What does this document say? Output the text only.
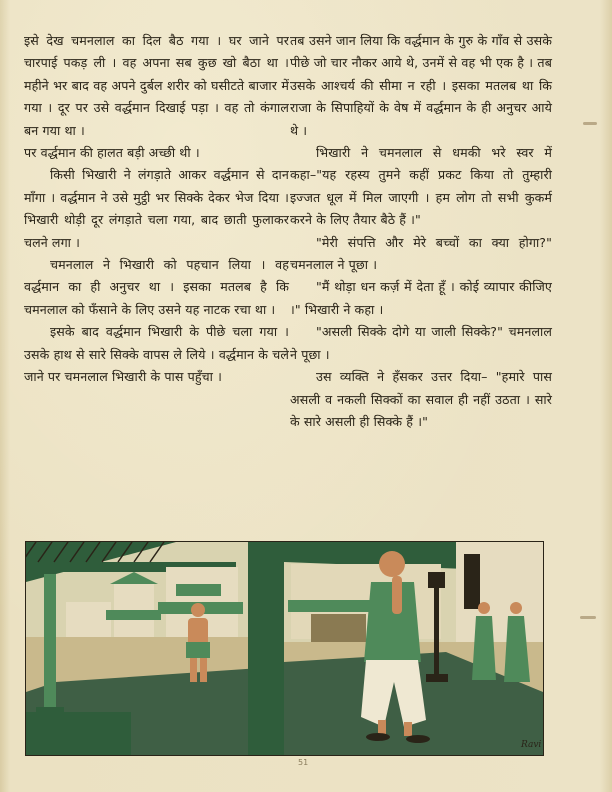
इसे देख चमनलाल का दिल बैठ गया । घर जाने पर चारपाई पकड़ ली । वह अपना सब कुछ खो बैठा था । महीने भर बाद वह अपने दुर्बल शरीर को घसीटते बाजार में गया । दूर पर उसे वर्द्धमान दिखाई पड़ा । वह तो कंगाल बन गया था ।

पर वर्द्धमान की हालत बड़ी अच्छी थी ।

किसी भिखारी ने लंगड़ाते आकर वर्द्धमान से दान माँगा । वर्द्धमान ने उसे मुट्ठी भर सिक्के देकर भेज दिया । भिखारी थोड़ी दूर लंगड़ाते चला गया, बाद छाती फुलाकर चलने लगा ।

चमनलाल ने भिखारी को पहचान लिया । वह वर्द्धमान का ही अनुचर था । इसका मतलब है कि चमनलाल को फँसाने के लिए उसने यह नाटक रचा था ।

इसके बाद वर्द्धमान भिखारी के पीछे चला गया । उसके हाथ से सारे सिक्के वापस ले लिये । वर्द्धमान के चले जाने पर चमनलाल भिखारी के पास पहुँचा ।

तब उसने जान लिया कि वर्द्धमान के गुरु के गाँव से उसके पीछे जो चार नौकर आये थे, उनमें से वह भी एक है । तब उसके आश्चर्य की सीमा न रही । इसका मतलब था कि राजा के सिपाहियों के वेष में वर्द्धमान के ही अनुचर आये थे ।

भिखारी ने चमनलाल से धमकी भरे स्वर में कहा–"यह रहस्य तुमने कहीं प्रकट किया तो तुम्हारी इज्जत धूल में मिल जाएगी । हम लोग तो सभी कुकर्म करने के लिए तैयार बैठे हैं ।"

"मेरी संपत्ति और मेरे बच्चों का क्या होगा?" चमनलाल ने पूछा ।

"मैं थोड़ा धन कर्ज़ में देता हूँ । कोई व्यापार कीजिए ।" भिखारी ने कहा ।

"असली सिक्के दोगे या जाली सिक्के?" चमनलाल ने पूछा ।

उस व्यक्ति ने हँसकर उत्तर दिया– "हमारे पास असली व नकली सिक्कों का सवाल ही नहीं उठता । सारे के सारे असली ही सिक्के हैं ।"

Ravi
51
